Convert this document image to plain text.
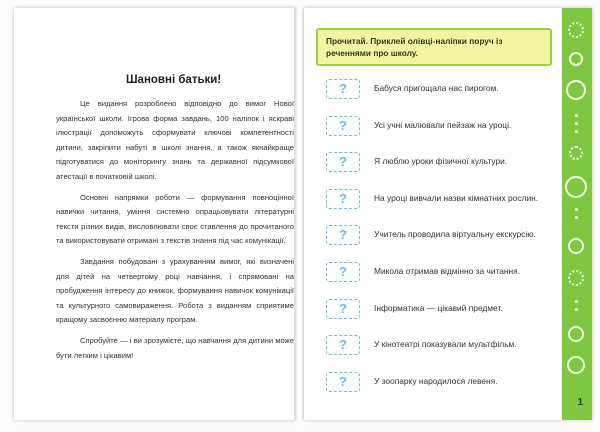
Шановні батьки!

Це видання розроблено відповідно до вимог Нової української школи. Ігрова форма завдань, 100 наліпок і яскраві ілюстрації допоможуть сформувати ключові компетентності дитини, закріпити набуті в школі знання, а також якнайкраще підготуватися до моніторингу знань та державної підсумкової атестації в початковій школі.

Основні напрямки роботи — формування повноцінної навички читання, уміння системно опрацьовувати літературні тексти різних видів, висловлювати своє ставлення до прочитаного та використовувати отримані з текстів знання під час комунікації.

Завдання побудовані з урахуванням вимог, які визначені для дітей на четвертому році навчання, і спрямовані на пробудження інтересу до книжок, формування навичок комунікації та культурного самовираження. Робота з виданням сприятиме кращому засвоєнню матеріалу програм.

Спробуйте — і ви зрозумієте, що навчання для дитини може бути легким і цікавим!

Прочитай. Приклей олівці-наліпки поруч із реченнями про школу.
?	Бабуся пригощала нас пирогом.
?	Усі учні малювали пейзаж на уроці.
?	Я люблю уроки фізичної культури.
?	На уроці вивчали назви кімнатних рослин.
?	Учитель проводила віртуальну екскурсію.
?	Микола отримав відмінно за читання.
?	Інформатика — цікавий предмет.
?	У кінотеатрі показували мультфільм.
?	У зоопарку народилося левеня.
1
